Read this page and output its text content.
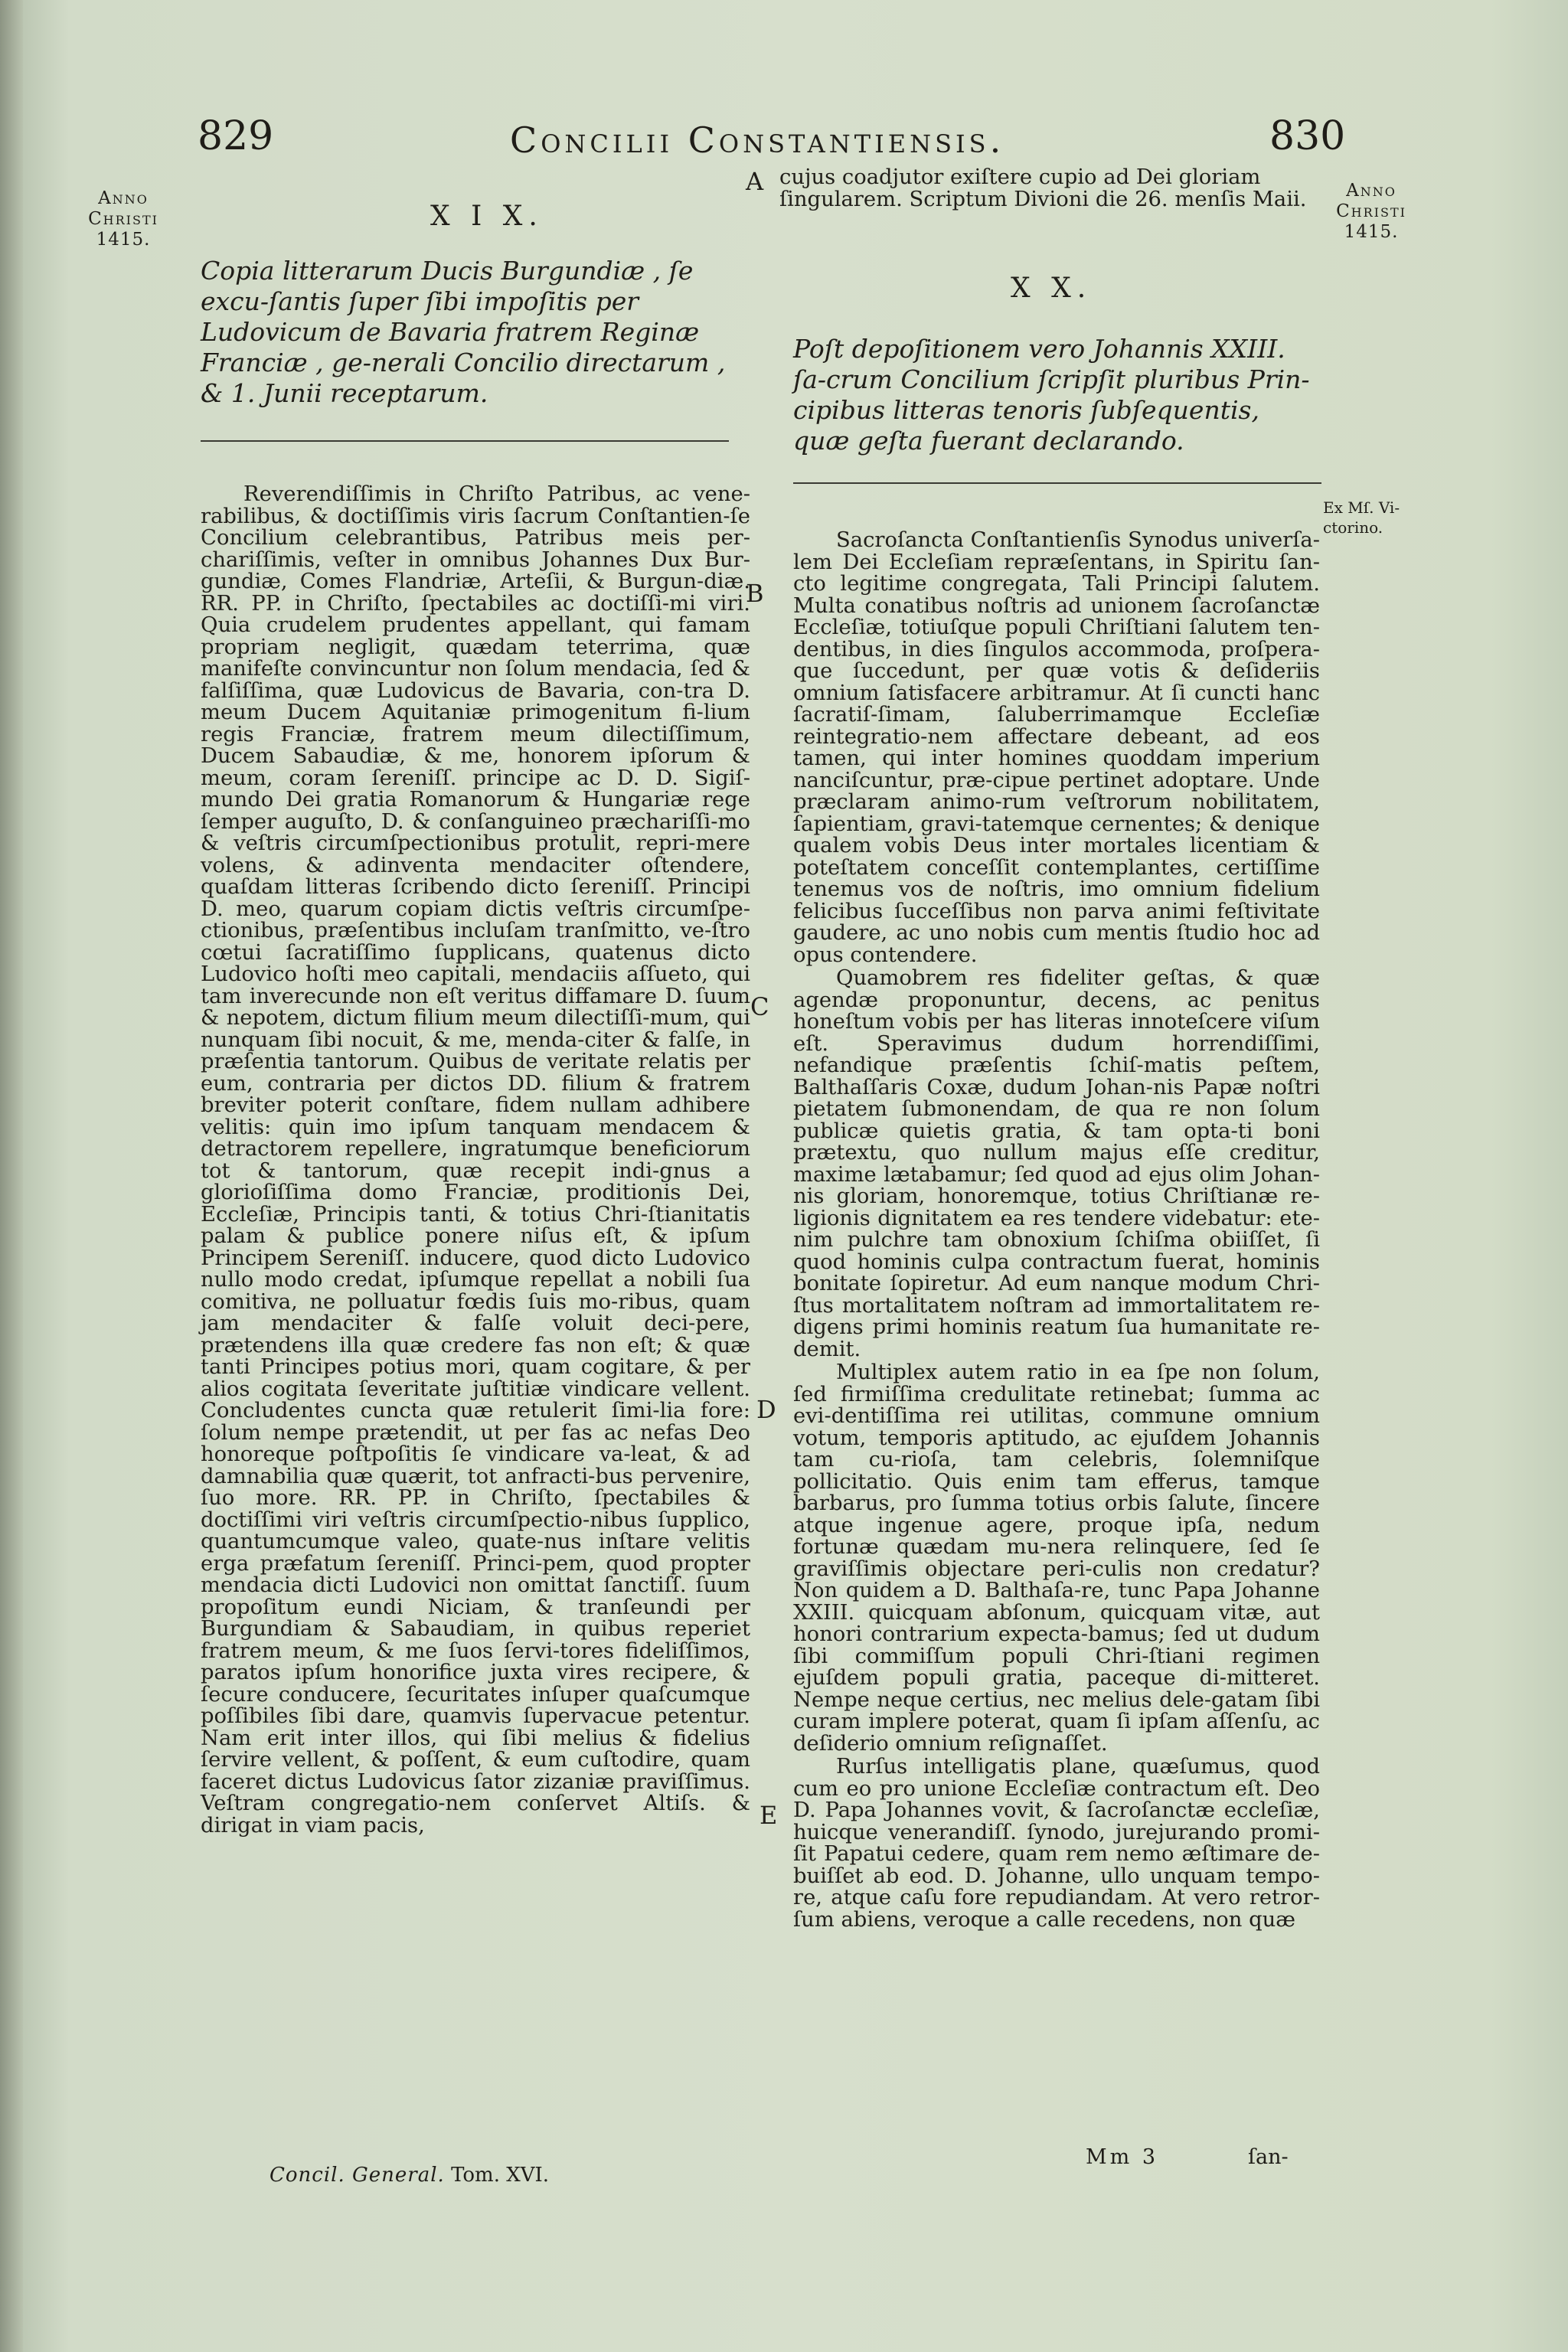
829	Concilii Constantiensis.	830
Anno
Christi
1415.
Anno
Christi
1415.
A
B
C
D
E
X I X.
Copia litterarum Ducis Burgundiæ , ſe excu-ſantis ſuper ſibi impoſitis per Ludovicum de Bavaria fratrem Reginæ Franciæ , ge-nerali Concilio directarum , & 1. Junii receptarum.

Reverendiſſimis in Chriſto Patribus, ac vene-rabilibus, & doctiſſimis viris ſacrum Conſtantien-ſe Concilium celebrantibus, Patribus meis per-chariſſimis, veſter in omnibus Johannes Dux Bur-gundiæ, Comes Flandriæ, Arteſii, & Burgun-diæ. RR. PP. in Chriſto, ſpectabiles ac doctiſſi-mi viri. Quia crudelem prudentes appellant, qui famam propriam negligit, quædam teterrima, quæ manifeſte convincuntur non ſolum mendacia, ſed & falſiſſima, quæ Ludovicus de Bavaria, con-tra D. meum Ducem Aquitaniæ primogenitum fi-lium regis Franciæ, fratrem meum dilectiſſimum, Ducem Sabaudiæ, & me, honorem ipſorum & meum, coram ſereniſſ. principe ac D. D. Sigiſ-mundo Dei gratia Romanorum & Hungariæ rege ſemper auguſto, D. & conſanguineo præchariſſi-mo & veſtris circumſpectionibus protulit, repri-mere volens, & adinventa mendaciter oſtendere, quaſdam litteras ſcribendo dicto ſereniſſ. Principi D. meo, quarum copiam dictis veſtris circumſpe-ctionibus, præſentibus incluſam tranſmitto, ve-ſtro cœtui ſacratiſſimo ſupplicans, quatenus dicto Ludovico hoſti meo capitali, mendaciis aſſueto, qui tam inverecunde non eſt veritus diffamare D. ſuum & nepotem, dictum filium meum dilectiſſi-mum, qui nunquam ſibi nocuit, & me, menda-citer & falſe, in præſentia tantorum. Quibus de veritate relatis per eum, contraria per dictos DD. filium & fratrem breviter poterit conſtare, fidem nullam adhibere velitis: quin imo ipſum tanquam mendacem & detractorem repellere, ingratumque beneficiorum tot & tantorum, quæ recepit indi-gnus a glorioſiſſima domo Franciæ, proditionis Dei, Eccleſiæ, Principis tanti, & totius Chri-ſtianitatis palam & publice ponere niſus eſt, & ipſum Principem Sereniſſ. inducere, quod dicto Ludovico nullo modo credat, ipſumque repellat a nobili ſua comitiva, ne polluatur fœdis ſuis mo-ribus, quam jam mendaciter & falſe voluit deci-pere, prætendens illa quæ credere fas non eſt; & quæ tanti Principes potius mori, quam cogitare, & per alios cogitata ſeveritate juſtitiæ vindicare vellent. Concludentes cuncta quæ retulerit ſimi-lia fore: ſolum nempe prætendit, ut per fas ac nefas Deo honoreque poſtpoſitis ſe vindicare va-leat, & ad damnabilia quæ quærit, tot anfracti-bus pervenire, ſuo more. RR. PP. in Chriſto, ſpectabiles & doctiſſimi viri veſtris circumſpectio-nibus ſupplico, quantumcumque valeo, quate-nus inſtare velitis erga præfatum ſereniſſ. Princi-pem, quod propter mendacia dicti Ludovici non omittat ſanctiſſ. ſuum propoſitum eundi Niciam, & tranſeundi per Burgundiam & Sabaudiam, in quibus reperiet fratrem meum, & me ſuos ſervi-tores fideliſſimos, paratos ipſum honorifice juxta vires recipere, & ſecure conducere, ſecuritates inſuper quaſcumque poſſibiles ſibi dare, quamvis ſupervacue petentur. Nam erit inter illos, qui ſibi melius & fidelius ſervire vellent, & poſſent, & eum cuſtodire, quam faceret dictus Ludovicus ſator zizaniæ praviſſimus. Veſtram congregatio-nem conſervet Altiſs. & dirigat in viam pacis,

cujus coadjutor exiſtere cupio ad Dei gloriam ſingularem. Scriptum Divioni die 26. menſis Maii.

X X.
Poſt depoſitionem vero Johannis XXIII. ſa-crum Concilium ſcripſit pluribus Prin-cipibus litteras tenoris ſubſequentis, quæ geſta fuerant declarando.
Ex Mſ. Vi-ctorino.

Sacroſancta Conſtantienſis Synodus univerſa-lem Dei Eccleſiam repræſentans, in Spiritu ſan-cto legitime congregata, Tali Principi ſalutem. Multa conatibus noſtris ad unionem ſacroſanctæ Eccleſiæ, totiuſque populi Chriſtiani ſalutem ten-dentibus, in dies ſingulos accommoda, proſpera-que ſuccedunt, per quæ votis & deſideriis omnium ſatisfacere arbitramur. At ſi cuncti hanc ſacratiſ-ſimam, ſaluberrimamque Eccleſiæ reintegratio-nem affectare debeant, ad eos tamen, qui inter homines quoddam imperium nanciſcuntur, præ-cipue pertinet adoptare. Unde præclaram animo-rum veſtrorum nobilitatem, ſapientiam, gravi-tatemque cernentes; & denique qualem vobis Deus inter mortales licentiam & poteſtatem conceſſit contemplantes, certiſſime tenemus vos de noſtris, imo omnium fidelium felicibus ſucceſſibus non parva animi feſtivitate gaudere, ac uno nobis cum mentis ſtudio hoc ad opus contendere.

Quamobrem res fideliter geſtas, & quæ agendæ proponuntur, decens, ac penitus honeſtum vobis per has literas innoteſcere viſum eſt. Speravimus dudum horrendiſſimi, nefandique præſentis ſchiſ-matis peſtem, Balthaſſaris Coxæ, dudum Johan-nis Papæ noſtri pietatem ſubmonendam, de qua re non ſolum publicæ quietis gratia, & tam opta-ti boni prætextu, quo nullum majus eſſe creditur, maxime lætabamur; ſed quod ad ejus olim Johan-nis gloriam, honoremque, totius Chriſtianæ re-ligionis dignitatem ea res tendere videbatur: ete-nim pulchre tam obnoxium ſchiſma obiiſſet, ſi quod hominis culpa contractum fuerat, hominis bonitate ſopiretur. Ad eum nanque modum Chri-ſtus mortalitatem noſtram ad immortalitatem re-digens primi hominis reatum ſua humanitate re-demit.

Multiplex autem ratio in ea ſpe non ſolum, ſed firmiſſima credulitate retinebat; ſumma ac evi-dentiſſima rei utilitas, commune omnium votum, temporis aptitudo, ac ejuſdem Johannis tam cu-rioſa, tam celebris, ſolemniſque pollicitatio. Quis enim tam efferus, tamque barbarus, pro ſumma totius orbis ſalute, ſincere atque ingenue agere, proque ipſa, nedum fortunæ quædam mu-nera relinquere, ſed ſe graviſſimis objectare peri-culis non credatur? Non quidem a D. Balthaſa-re, tunc Papa Johanne XXIII. quicquam abſonum, quicquam vitæ, aut honori contrarium expecta-bamus; ſed ut dudum ſibi commiſſum populi Chri-ſtiani regimen ejuſdem populi gratia, paceque di-mitteret. Nempe neque certius, nec melius dele-gatam ſibi curam implere poterat, quam ſi ipſam aſſenſu, ac deſiderio omnium reſignaſſet.

Rurſus intelligatis plane, quæſumus, quod cum eo pro unione Eccleſiæ contractum eſt. Deo D. Papa Johannes vovit, & ſacroſanctæ eccleſiæ, huicque venerandiſſ. ſynodo, jurejurando promi-ſit Papatui cedere, quam rem nemo æſtimare de-buiſſet ab eod. D. Johanne, ullo unquam tempo-re, atque caſu fore repudiandam. At vero retror-ſum abiens, veroque a calle recedens, non quæ

Concil. General. Tom. XVI.
Mm 3	ſan-
